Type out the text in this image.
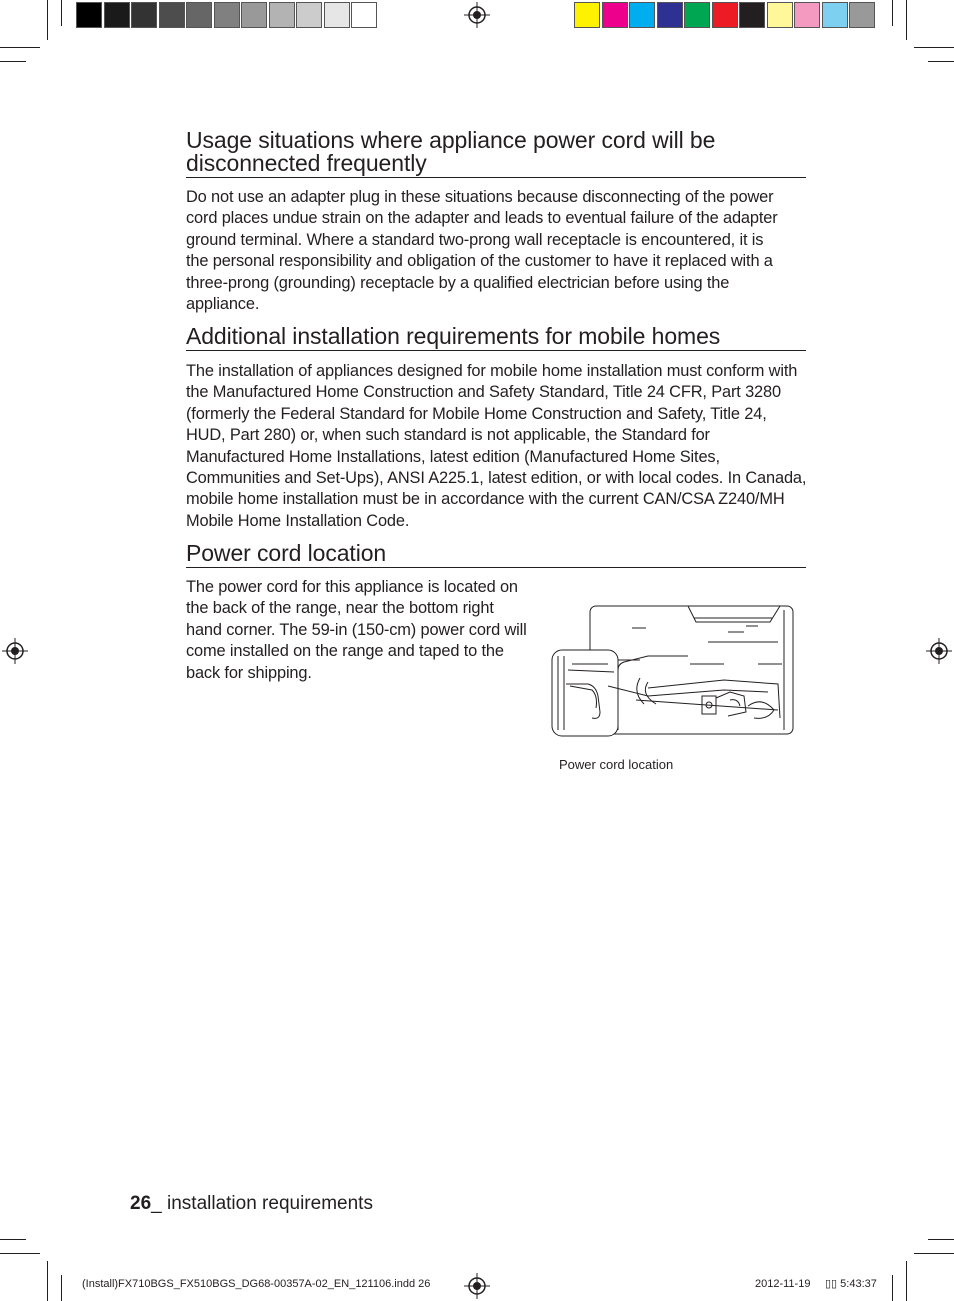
Usage situations where appliance power cord will be
disconnected frequently

Do not use an adapter plug in these situations because disconnecting of the power cord places undue strain on the adapter and leads to eventual failure of the adapter ground terminal. Where a standard two-prong wall receptacle is encountered, it is the personal responsibility and obligation of the customer to have it replaced with a three-prong (grounding) receptacle by a qualified electrician before using the appliance.

Additional installation requirements for mobile homes

The installation of appliances designed for mobile home installation must conform with the Manufactured Home Construction and Safety Standard, Title 24 CFR, Part 3280 (formerly the Federal Standard for Mobile Home Construction and Safety, Title 24, HUD, Part 280) or, when such standard is not applicable, the Standard for Manufactured Home Installations, latest edition (Manufactured Home Sites, Communities and Set-Ups), ANSI A225.1, latest edition, or with local codes. In Canada, mobile home installation must be in accordance with the current CAN/CSA Z240/MH Mobile Home Installation Code.

Power cord location

The power cord for this appliance is located on the back of the range, near the bottom right hand corner. The 59-in (150-cm) power cord will come installed on the range and taped to the back for shipping.

Power cord location
26_ installation requirements
(Install)FX710BGS_FX510BGS_DG68-00357A-02_EN_121106.indd 26	2012-11-19 ▯▯ 5:43:37
